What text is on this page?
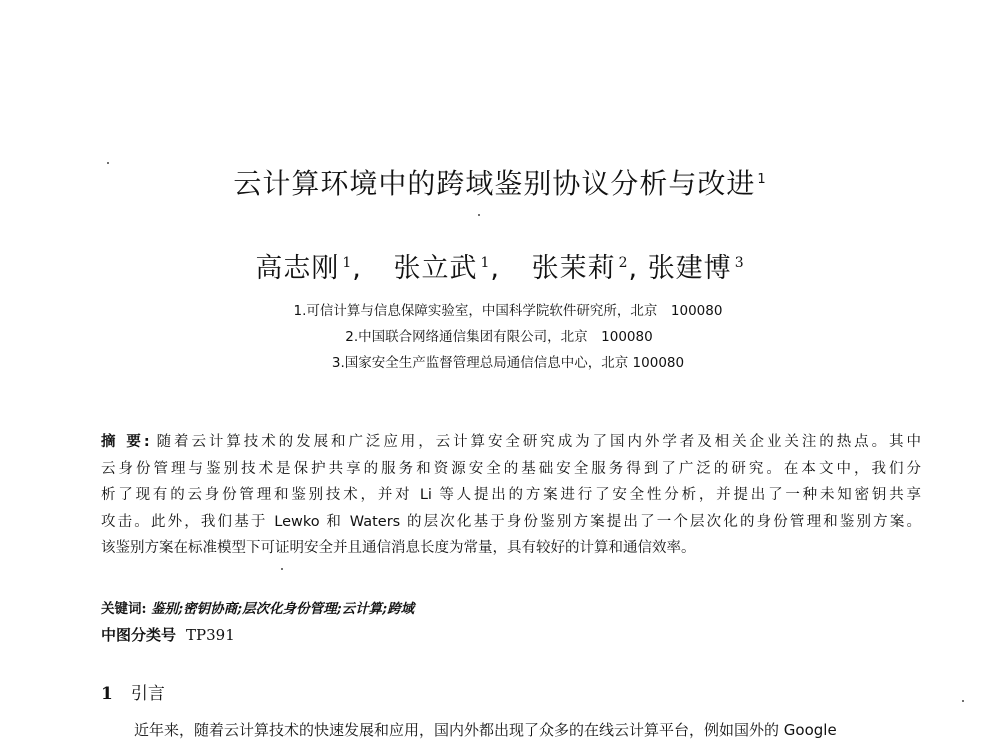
云计算环境中的跨域鉴别协议分析与改进 $^1$
高志刚 $^1$, 张立武 $^1$, 张茉莉 $^2$, 张建博 $^3$
1.可信计算与信息保障实验室，中国科学院软件研究所，北京　100080
2.中国联合网络通信集团有限公司，北京　100080
3.国家安全生产监督管理总局通信信息中心，北京 100080
摘 要: 随着云计算技术的发展和广泛应用，云计算安全研究成为了国内外学者及相关企业关注的热点。其中
云身份管理与鉴别技术是保护共享的服务和资源安全的基础安全服务得到了广泛的研究。在本文中，我们分
析了现有的云身份管理和鉴别技术，并对 Li 等人提出的方案进行了安全性分析，并提出了一种未知密钥共享
攻击。此外，我们基于 Lewko 和 Waters 的层次化基于身份鉴别方案提出了一个层次化的身份管理和鉴别方案。
该鉴别方案在标准模型下可证明安全并且通信消息长度为常量，具有较好的计算和通信效率。
关键词: 鉴别;密钥协商;层次化身份管理;云计算;跨域
中图分类号 TP391
1 引言
近年来，随着云计算技术的快速发展和应用，国内外都出现了众多的在线云计算平台，例如国外的 Google
